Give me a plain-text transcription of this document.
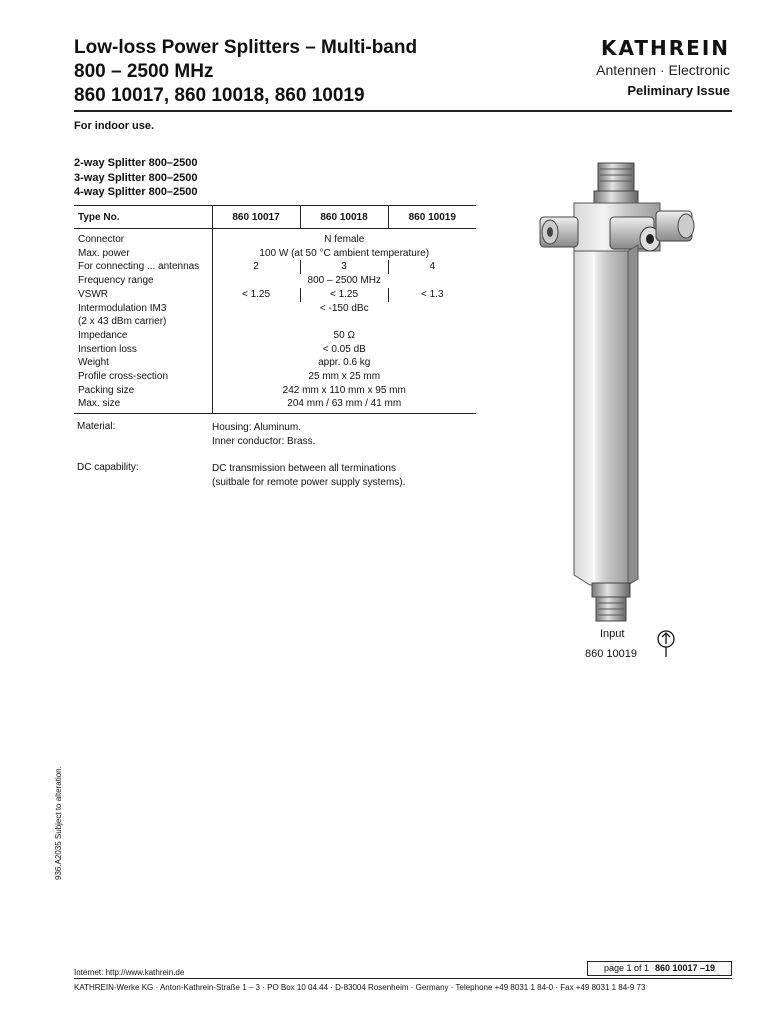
Low-loss Power Splitters – Multi-band
800 – 2500 MHz
860 10017, 860 10018, 860 10019
KATHREIN
Antennen · Electronic
Peliminary Issue
For indoor use.
2-way Splitter 800–2500
3-way Splitter 800–2500
4-way Splitter 800–2500
Type No.	860 10017	860 10018	860 10019
Connector	N female		
Max. power	100 W (at 50 °C ambient temperature)		
For connecting ... antennas	2	3	4
Frequency range	800 – 2500 MHz		
VSWR	< 1.25	< 1.25	< 1.3

Intermodulation IM3
(2 x 43 dBm carrier)	< -150 dBc		
Impedance	50 Ω		
Insertion loss	< 0.05 dB		
Weight	appr. 0.6 kg		
Profile cross-section	25 mm x 25 mm		
Packing size	242 mm x 110 mm x 95 mm		
Max. size	204 mm / 63 mm / 41 mm		
Material:	Housing: Aluminum.
Inner conductor: Brass.
DC capability:	DC transmission between all terminations
(suitbale for remote power supply systems).
Input
860 10019
936.A2035 Subject to alteration.
Internet: http://www.kathrein.de	page 1 of 1 860 10017 –19
KATHREIN-Werke KG · Anton-Kathrein-Straße 1 – 3 · PO Box 10 04 44 · D-83004 Rosenheim · Germany · Telephone +49 8031 1 84-0 · Fax +49 8031 1 84-9 73
